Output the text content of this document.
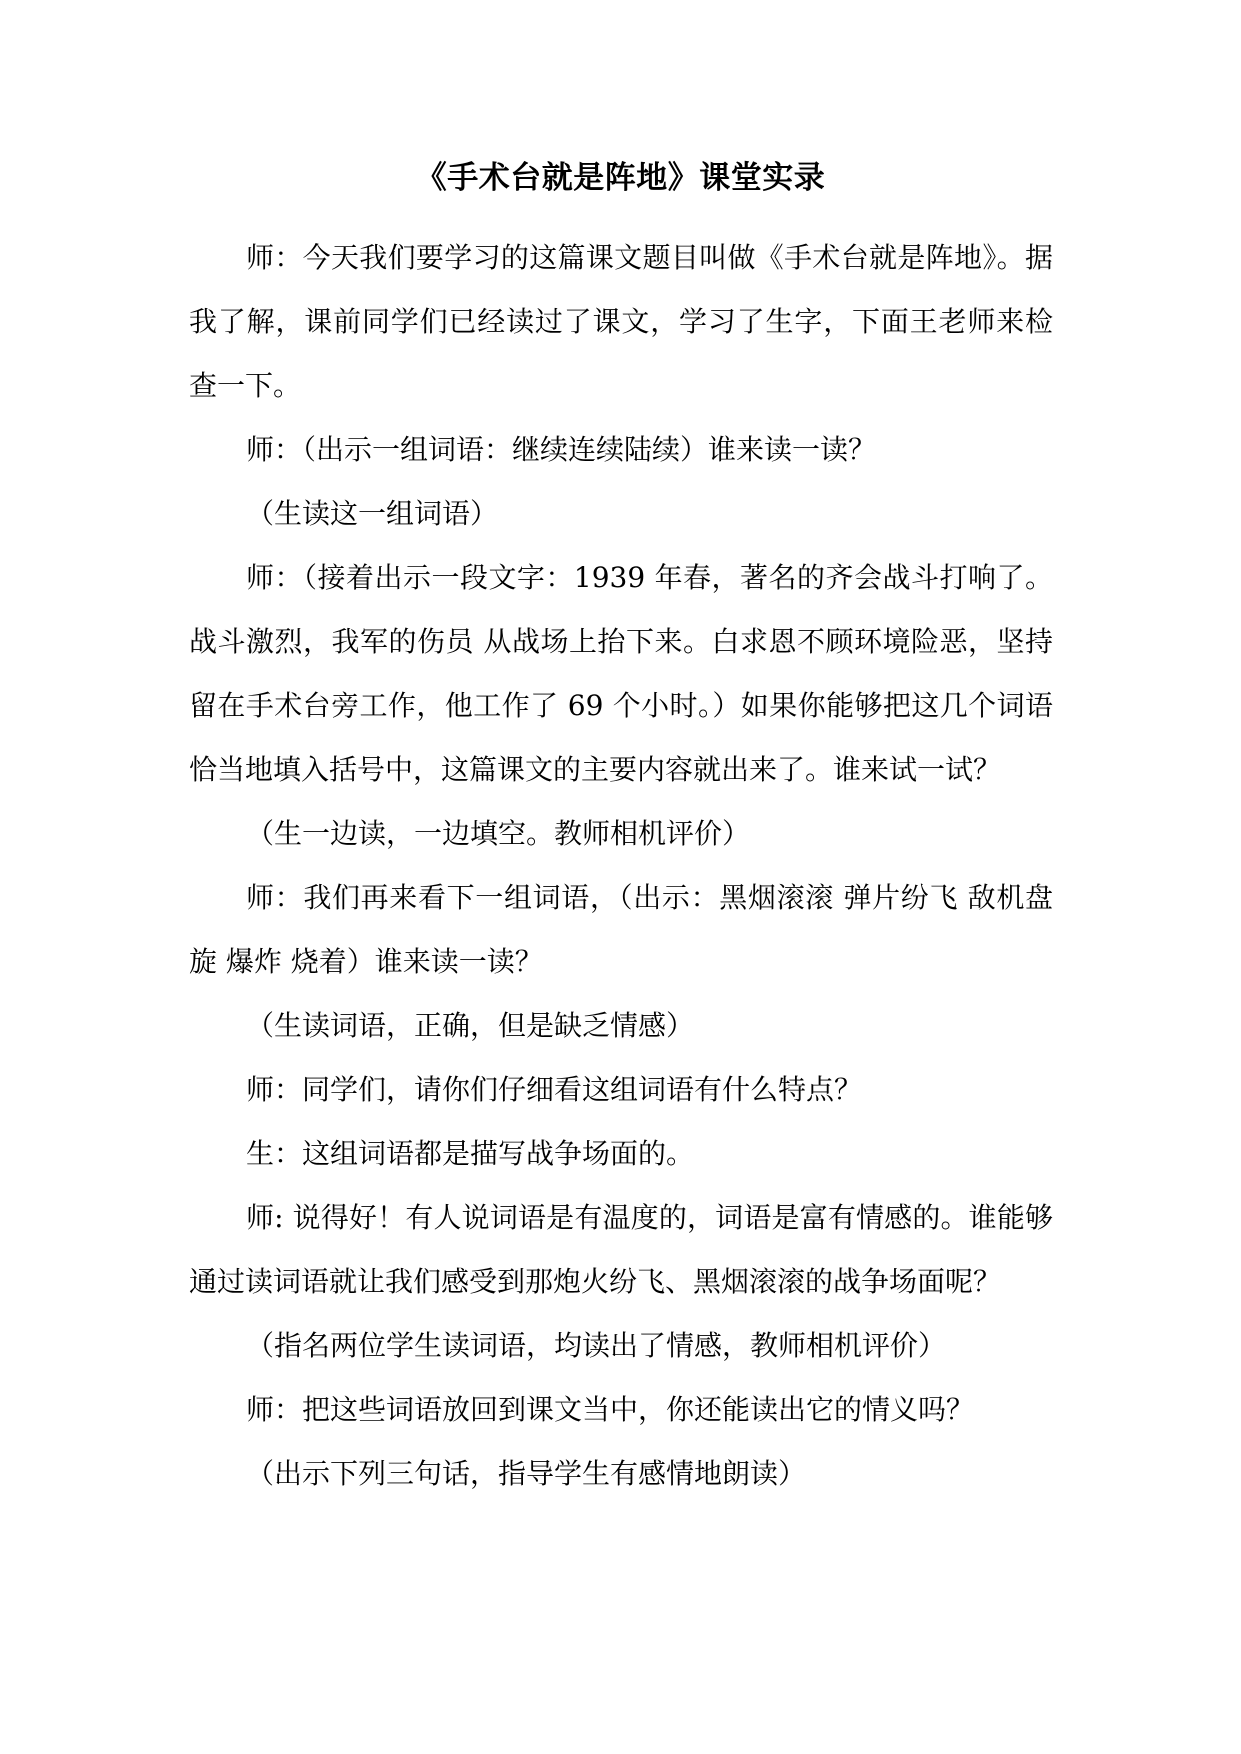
《手术台就是阵地》课堂实录

师：今天我们要学习的这篇课文题目叫做《手术台就是阵地》。据我了解，课前同学们已经读过了课文，学习了生字，下面王老师来检查一下。

师：（出示一组词语：继续连续陆续）谁来读一读？

（生读这一组词语）

师：（接着出示一段文字：1939 年春，著名的齐会战斗打响了。战斗激烈，我军的伤员 从战场上抬下来。白求恩不顾环境险恶，坚持留在手术台旁工作，他工作了 69 个小时。）如果你能够把这几个词语恰当地填入括号中，这篇课文的主要内容就出来了。谁来试一试？

（生一边读，一边填空。教师相机评价）

师：我们再来看下一组词语，（出示：黑烟滚滚 弹片纷飞 敌机盘旋 爆炸 烧着）谁来读一读？

（生读词语，正确，但是缺乏情感）

师：同学们，请你们仔细看这组词语有什么特点？

生：这组词语都是描写战争场面的。

师: 说得好！有人说词语是有温度的，词语是富有情感的。谁能够通过读词语就让我们感受到那炮火纷飞、黑烟滚滚的战争场面呢？

（指名两位学生读词语，均读出了情感，教师相机评价）

师：把这些词语放回到课文当中，你还能读出它的情义吗？

（出示下列三句话，指导学生有感情地朗读）
